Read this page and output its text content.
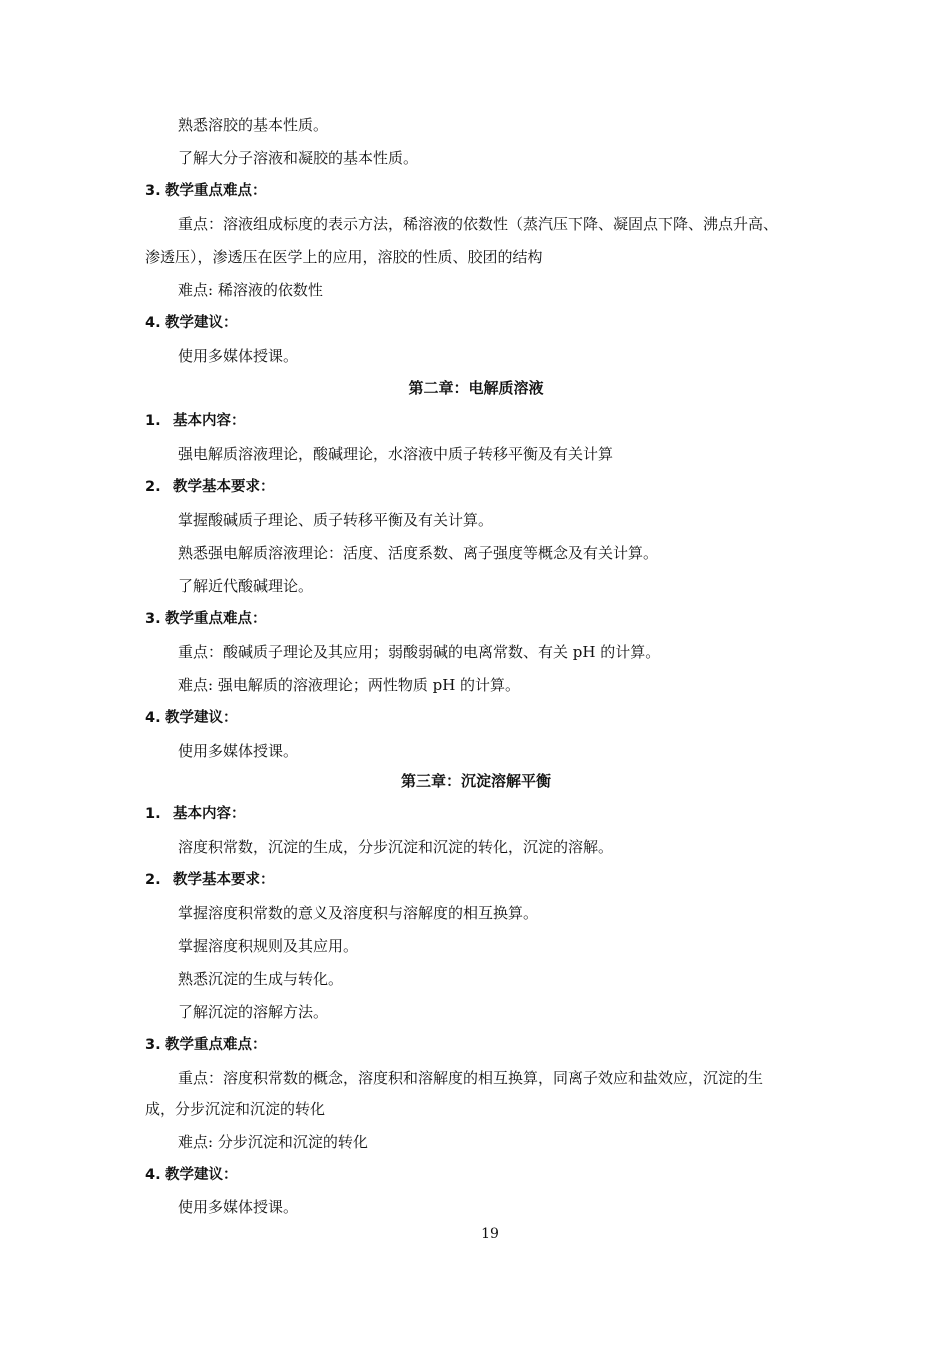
熟悉溶胶的基本性质。
了解大分子溶液和凝胶的基本性质。
3. 教学重点难点：
重点：溶液组成标度的表示方法，稀溶液的依数性（蒸汽压下降、凝固点下降、沸点升高、
渗透压），渗透压在医学上的应用，溶胶的性质、胶团的结构
难点: 稀溶液的依数性
4. 教学建议：
使用多媒体授课。
第二章：电解质溶液
1. 基本内容：
强电解质溶液理论，酸碱理论，水溶液中质子转移平衡及有关计算
2. 教学基本要求：
掌握酸碱质子理论、质子转移平衡及有关计算。
熟悉强电解质溶液理论：活度、活度系数、离子强度等概念及有关计算。
了解近代酸碱理论。
3. 教学重点难点：
重点：酸碱质子理论及其应用；弱酸弱碱的电离常数、有关 pH 的计算。
难点: 强电解质的溶液理论；两性物质 pH 的计算。
4. 教学建议：
使用多媒体授课。
第三章：沉淀溶解平衡
1. 基本内容：
溶度积常数，沉淀的生成，分步沉淀和沉淀的转化，沉淀的溶解。
2. 教学基本要求：
掌握溶度积常数的意义及溶度积与溶解度的相互换算。
掌握溶度积规则及其应用。
熟悉沉淀的生成与转化。
了解沉淀的溶解方法。
3. 教学重点难点：
重点：溶度积常数的概念，溶度积和溶解度的相互换算，同离子效应和盐效应，沉淀的生
成，分步沉淀和沉淀的转化
难点: 分步沉淀和沉淀的转化
4. 教学建议：
使用多媒体授课。
19
